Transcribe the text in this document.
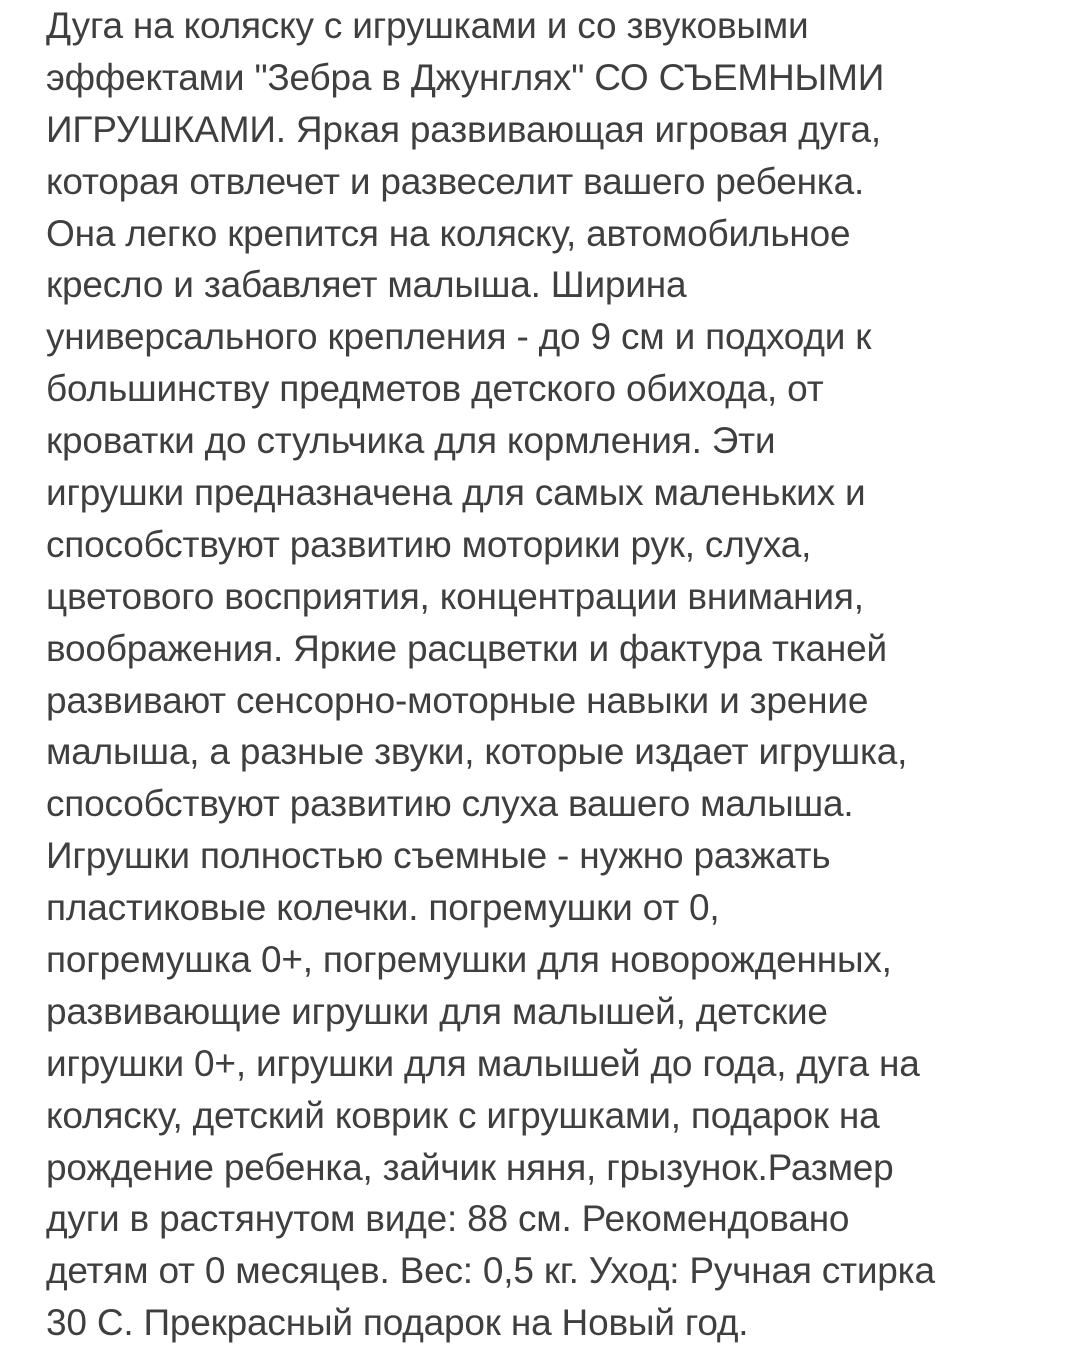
Дуга на коляску с игрушками и со звуковыми
эффектами "Зебра в Джунглях" СО СЪЕМНЫМИ
ИГРУШКАМИ. Яркая развивающая игровая дуга,
которая отвлечет и развеселит вашего ребенка.
Она легко крепится на коляску, автомобильное
кресло и забавляет малыша. Ширина
универсального крепления - до 9 см и подходи к
большинству предметов детского обихода, от
кроватки до стульчика для кормления. Эти
игрушки предназначена для самых маленьких и
способствуют развитию моторики рук, слуха,
цветового восприятия, концентрации внимания,
воображения. Яркие расцветки и фактура тканей
развивают сенсорно-моторные навыки и зрение
малыша, а разные звуки, которые издает игрушка,
способствуют развитию слуха вашего малыша.
Игрушки полностью съемные - нужно разжать
пластиковые колечки. погремушки от 0,
погремушка 0+, погремушки для новорожденных,
развивающие игрушки для малышей, детские
игрушки 0+, игрушки для малышей до года, дуга на
коляску, детский коврик с игрушками, подарок на
рождение ребенка, зайчик няня, грызунок.Размер
дуги в растянутом виде: 88 см. Рекомендовано
детям от 0 месяцев. Вес: 0,5 кг. Уход: Ручная стирка
30 С. Прекрасный подарок на Новый год.
